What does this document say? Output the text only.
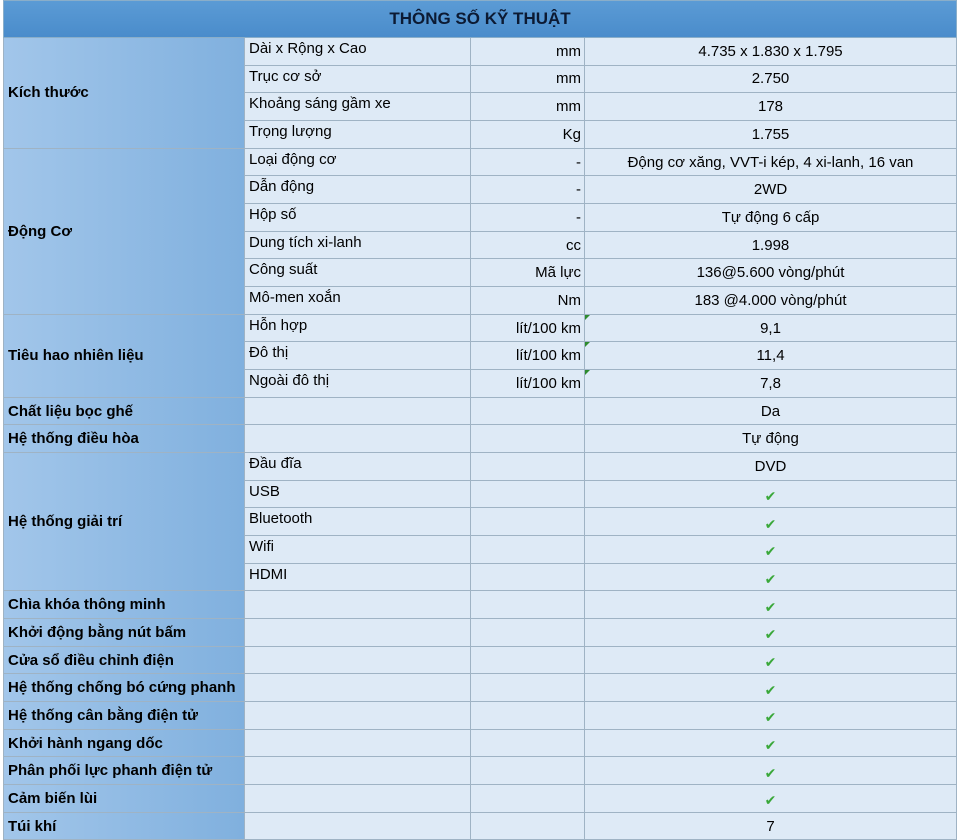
THÔNG SỐ KỸ THUẬT
Kích thước
Dài x Rộng x Cao	mm	4.735 x 1.830 x 1.795
Trục cơ sở	mm	2.750
Khoảng sáng gầm xe	mm	178
Trọng lượng	Kg	1.755
Động Cơ
Loại động cơ	-	Động cơ xăng, VVT-i kép, 4 xi-lanh, 16 van
Dẫn động	-	2WD
Hộp số	-	Tự động 6 cấp
Dung tích xi-lanh	cc	1.998
Công suất	Mã lực	136@5.600 vòng/phút
Mô-men xoắn	Nm	183 @4.000 vòng/phút
Tiêu hao nhiên liệu
Hỗn hợp	lít/100 km	9,1
Đô thị	lít/100 km	11,4
Ngoài đô thị	lít/100 km	7,8
Chất liệu bọc ghế	Da
Hệ thống điều hòa	Tự động
Hệ thống giải trí
Đầu đĩa	DVD
USB	✔
Bluetooth	✔
Wifi	✔
HDMI	✔
Chìa khóa thông minh	✔
Khởi động bằng nút bấm	✔
Cửa sổ điều chỉnh điện	✔
Hệ thống chống bó cứng phanh	✔
Hệ thống cân bằng điện tử	✔
Khởi hành ngang dốc	✔
Phân phối lực phanh điện tử	✔
Cảm biến lùi	✔
Túi khí	7
